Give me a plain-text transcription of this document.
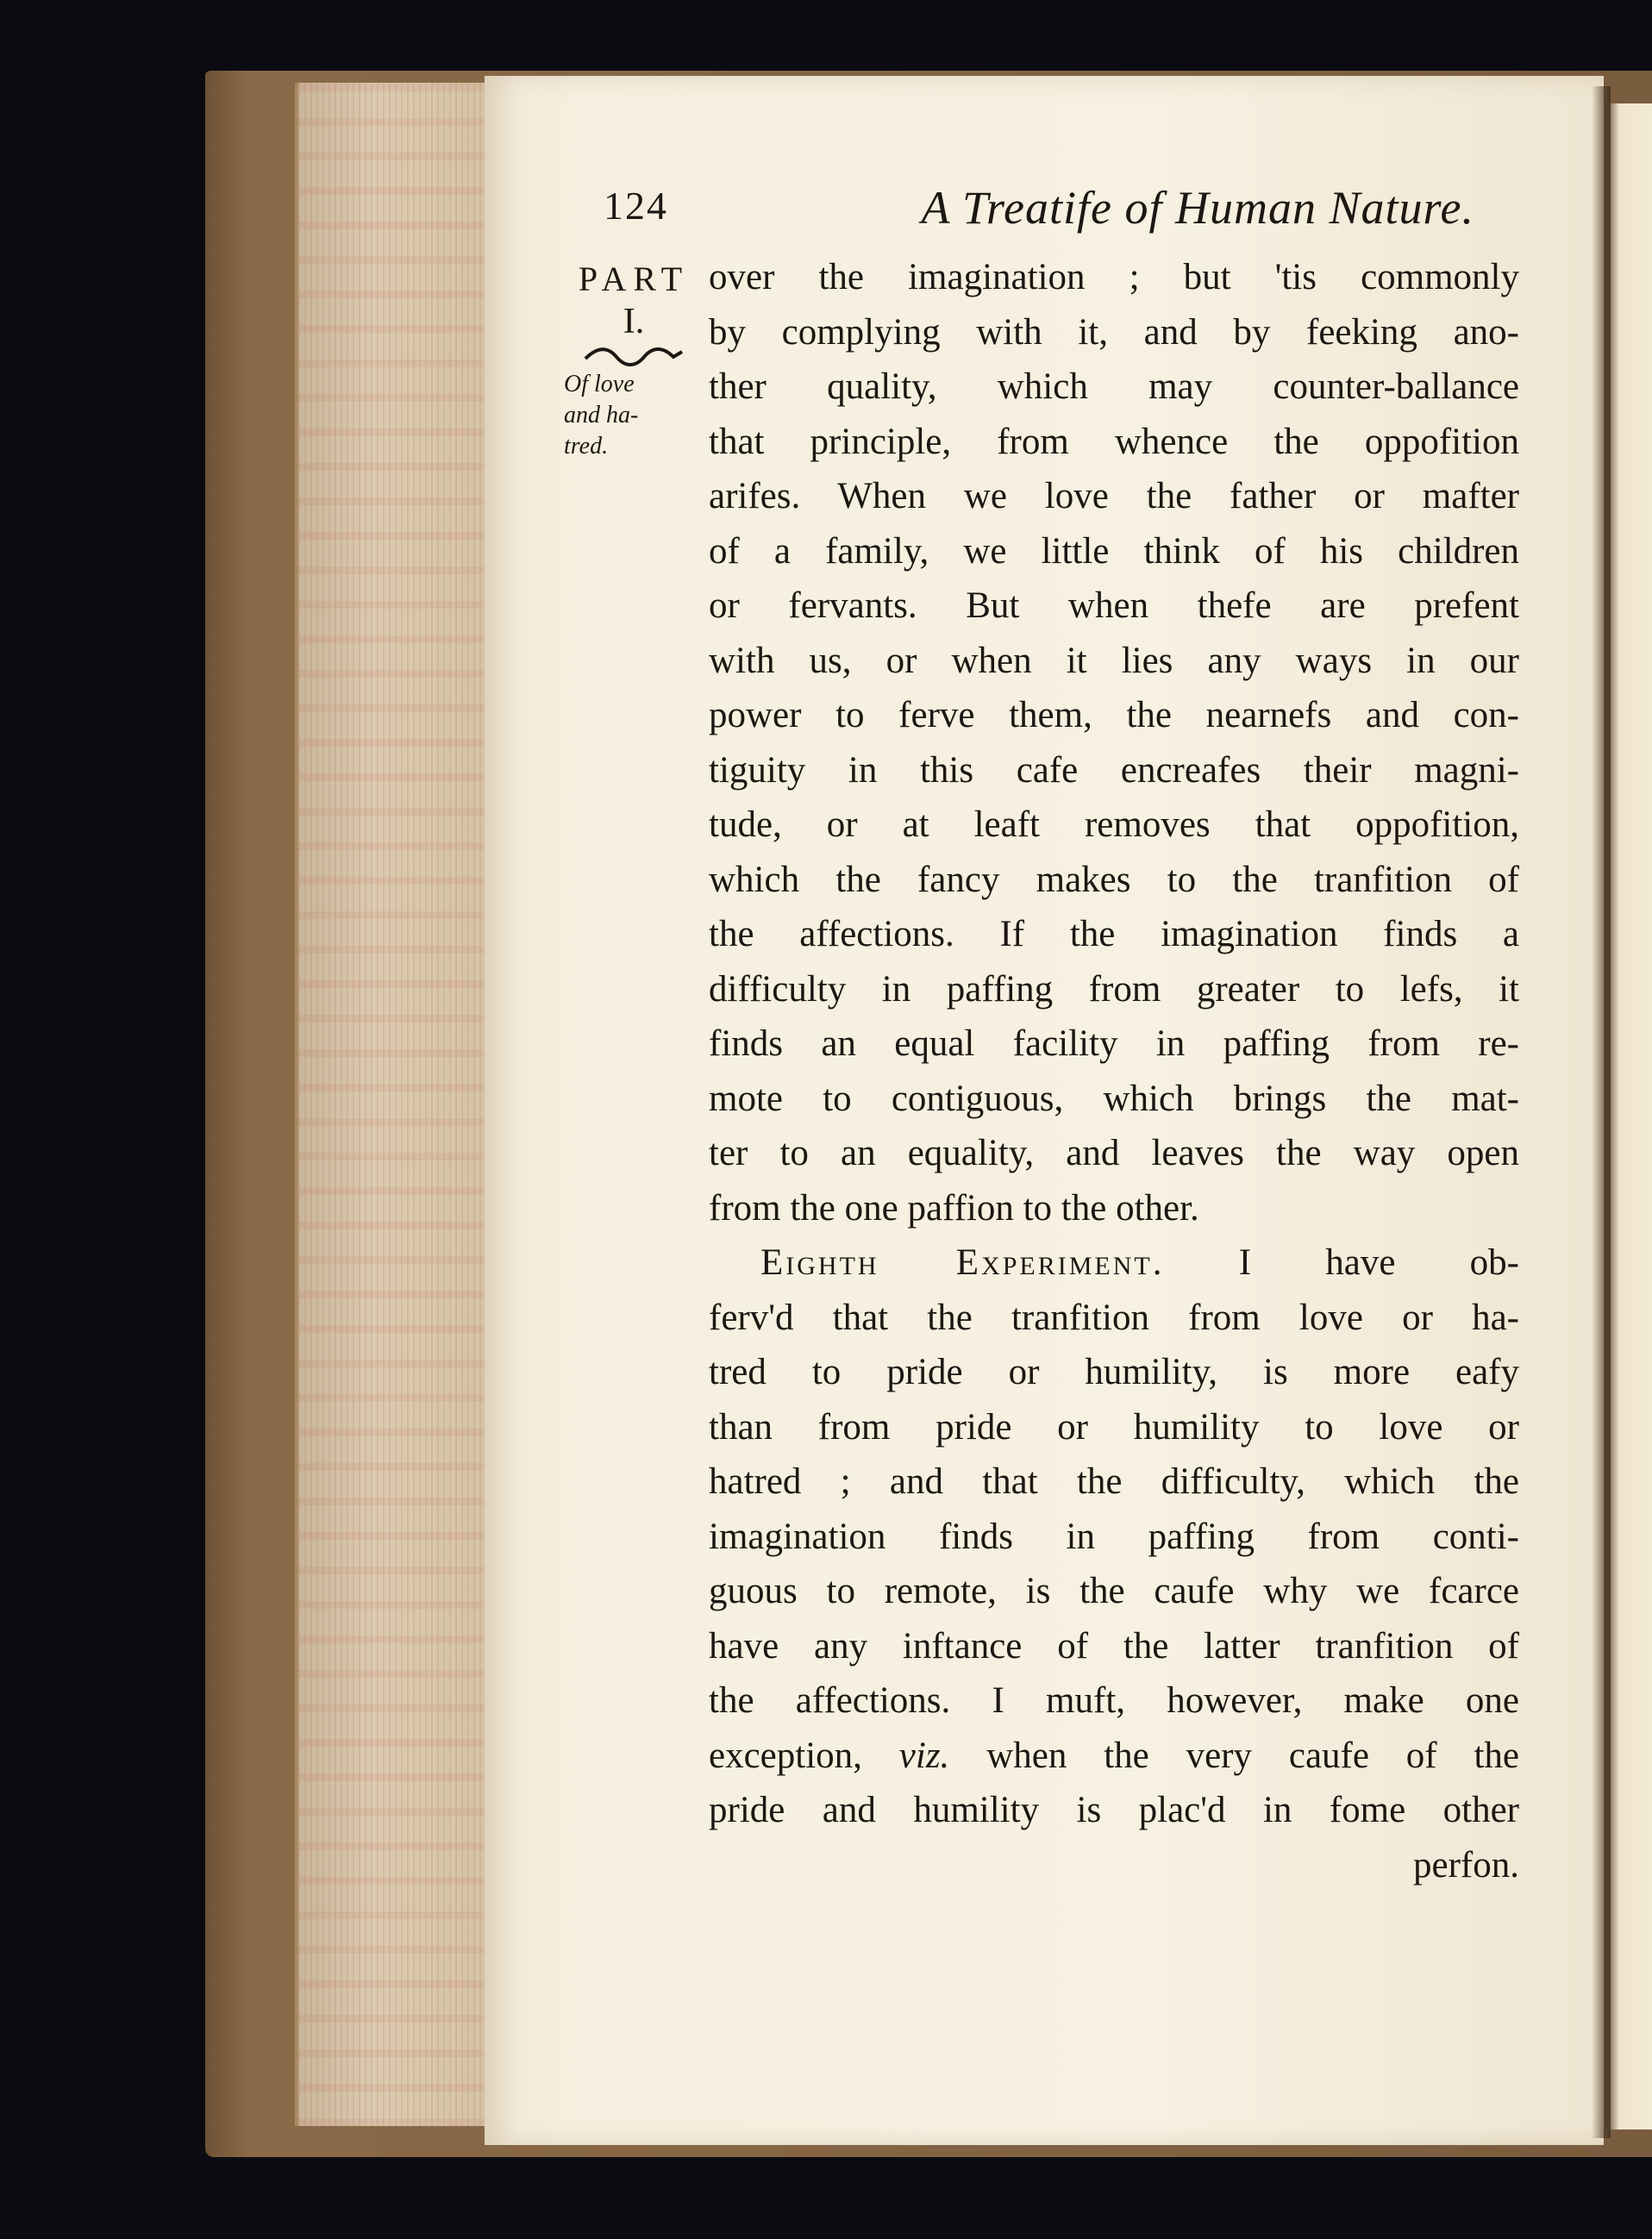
124	A Treatife of Human Nature.
PART
I.
Of love
and ha-
tred.
over the imagination ; but 'tis commonly
by complying with it, and by feeking ano-
ther quality, which may counter-ballance
that principle, from whence the oppofition
arifes. When we love the father or mafter
of a family, we little think of his children
or fervants. But when thefe are prefent
with us, or when it lies any ways in our
power to ferve them, the nearnefs and con-
tiguity in this cafe encreafes their magni-
tude, or at leaft removes that oppofition,
which the fancy makes to the tranfition of
the affections. If the imagination finds a
difficulty in paffing from greater to lefs, it
finds an equal facility in paffing from re-
mote to contiguous, which brings the mat-
ter to an equality, and leaves the way open
from the one paffion to the other.
Eighth Experiment. I have ob-
ferv'd that the tranfition from love or ha-
tred to pride or humility, is more eafy
than from pride or humility to love or
hatred ; and that the difficulty, which the
imagination finds in paffing from conti-
guous to remote, is the caufe why we fcarce
have any inftance of the latter tranfition of
the affections. I muft, however, make one
exception, viz. when the very caufe of the
pride and humility is plac'd in fome other
perfon.
